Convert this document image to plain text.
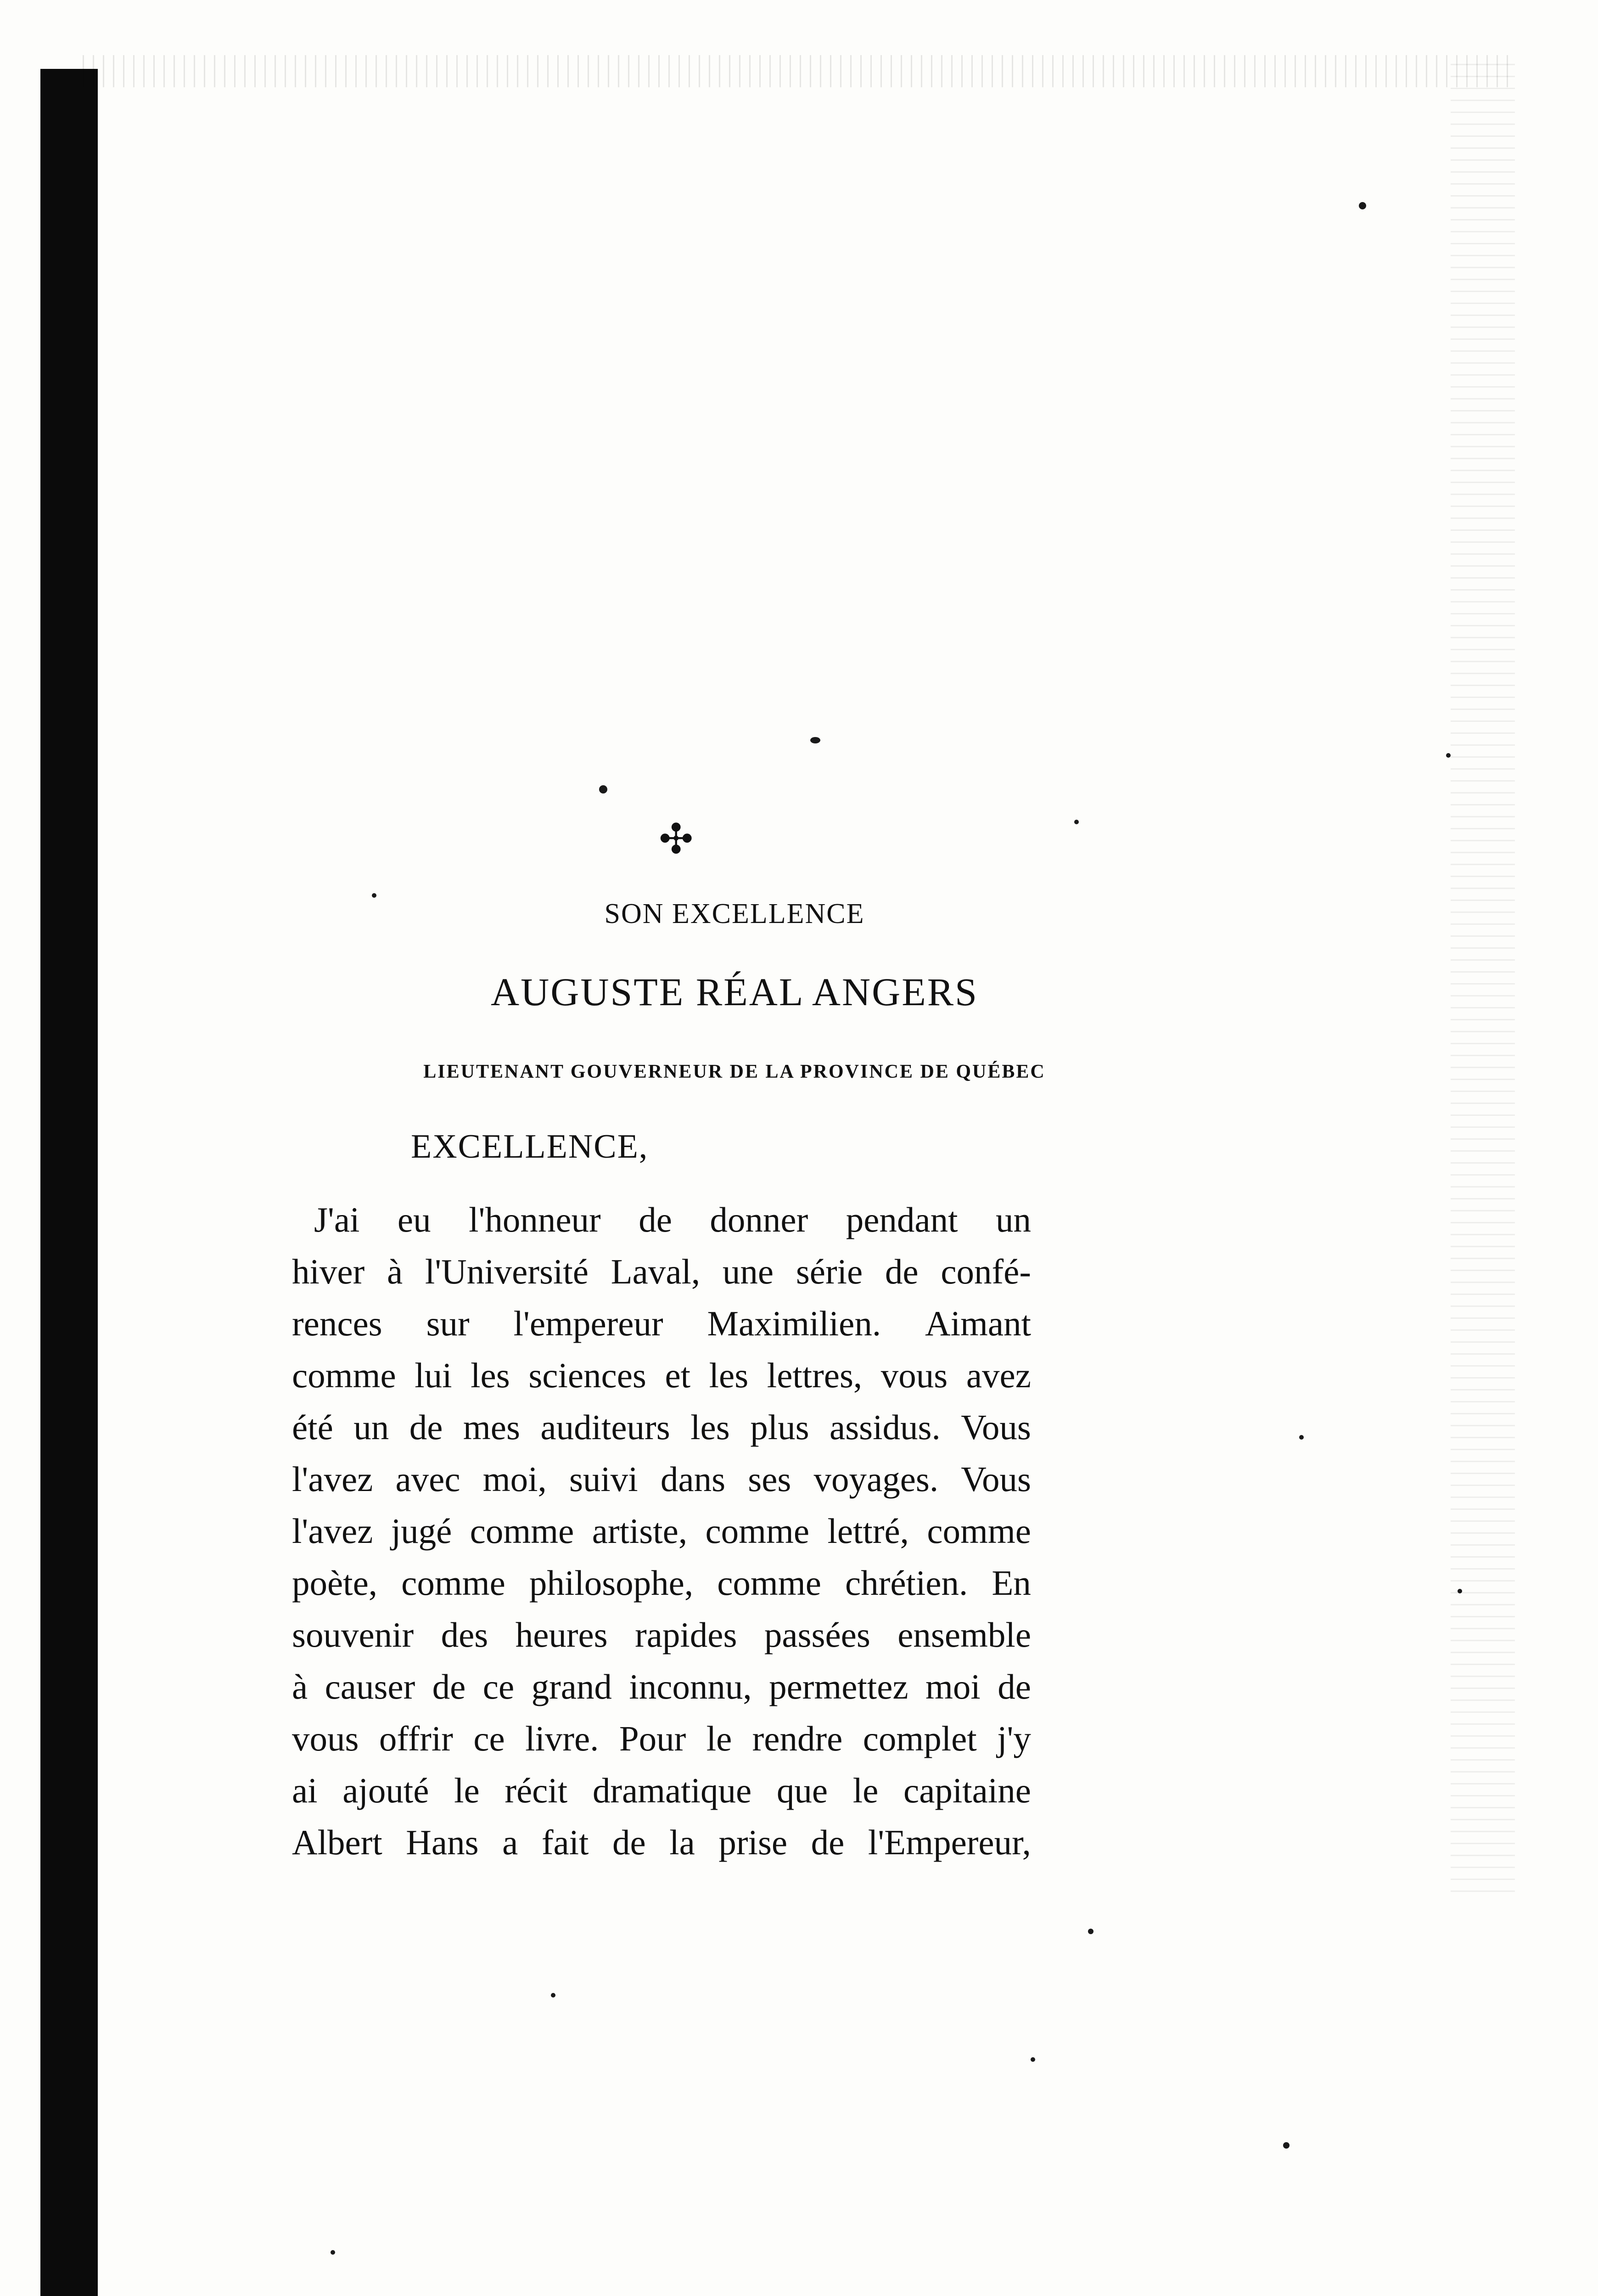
✣
SON EXCELLENCE
AUGUSTE RÉAL ANGERS
LIEUTENANT GOUVERNEUR DE LA PROVINCE DE QUÉBEC
EXCELLENCE,
J'ai eu l'honneur de donner pendant un
hiver à l'Université Laval, une série de confé-
rences sur l'empereur Maximilien. Aimant
comme lui les sciences et les lettres, vous avez
été un de mes auditeurs les plus assidus. Vous
l'avez avec moi, suivi dans ses voyages. Vous
l'avez jugé comme artiste, comme lettré, comme
poète, comme philosophe, comme chrétien. En
souvenir des heures rapides passées ensemble
à causer de ce grand inconnu, permettez moi de
vous offrir ce livre. Pour le rendre complet j'y
ai ajouté le récit dramatique que le capitaine
Albert Hans a fait de la prise de l'Empereur,
